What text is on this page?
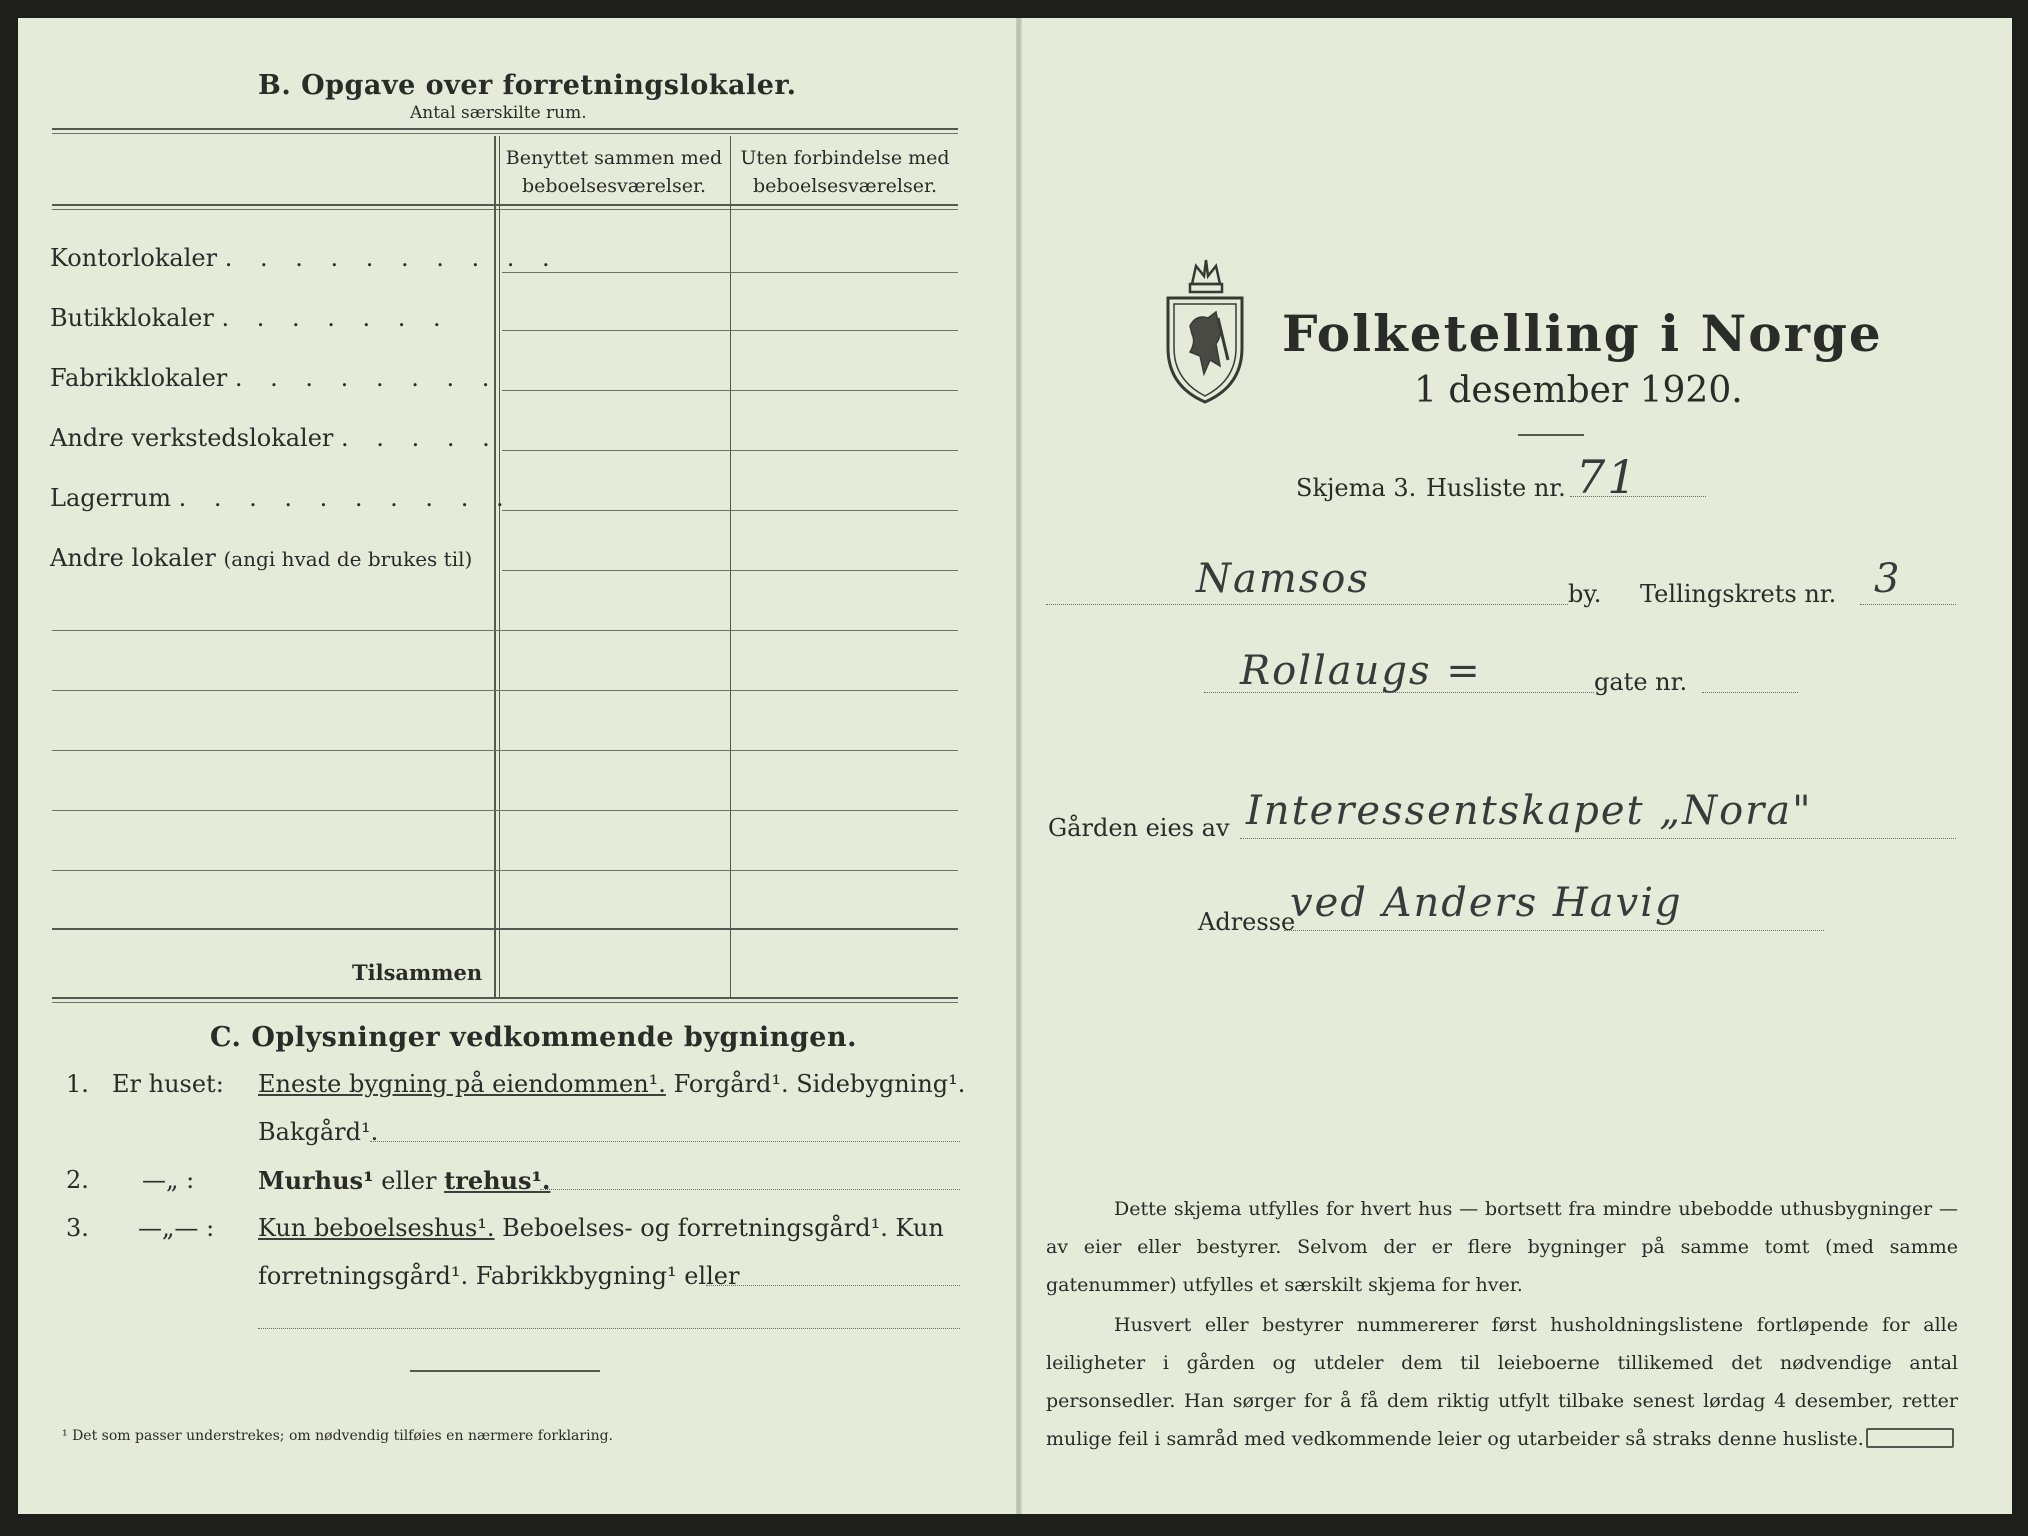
B. Opgave over forretningslokaler.
Antal særskilte rum.
Benyttet sammen med
beboelsesværelser.
Uten forbindelse med
beboelsesværelser.
Kontorlokaler . . . . . . . . . .
Butikklokaler . . . . . . .
Fabrikklokaler . . . . . . . .
Andre verkstedslokaler . . . . .
Lagerrum . . . . . . . . . .
Andre lokaler (angi hvad de brukes til)
Tilsammen
C. Oplysninger vedkommende bygningen.
1. Er huset: Eneste bygning på eiendommen¹. Forgård¹. Sidebygning¹.
Bakgård¹.
2. —„ :	Murhus¹ eller trehus¹.
3. —„— : Kun beboelseshus¹. Beboelses- og forretningsgård¹. Kun
forretningsgård¹. Fabrikkbygning¹ eller
¹ Det som passer understrekes; om nødvendig tilføies en nærmere forklaring.
Folketelling i Norge
1 desember 1920.
Skjema 3. Husliste nr. 71
Namsos	by. Tellingskrets nr. 3
Rollaugs =	gate nr.
Gården eies av Interessentskapet „Nora"
Adresse
ved Anders Havig
Dette skjema utfylles for hvert hus — bortsett fra mindre ubebodde uthusbygninger — av eier eller bestyrer. Selvom der er flere bygninger på samme tomt (med samme gatenummer) utfylles et særskilt skjema for hver.
Husvert eller bestyrer nummererer først husholdningslistene fortløpende for alle leiligheter i gården og utdeler dem til leieboerne tillikemed det nødvendige antal personsedler. Han sørger for å få dem riktig utfylt tilbake senest lørdag 4 desember, retter mulige feil i samråd med vedkommende leier og utarbeider så straks denne husliste.
